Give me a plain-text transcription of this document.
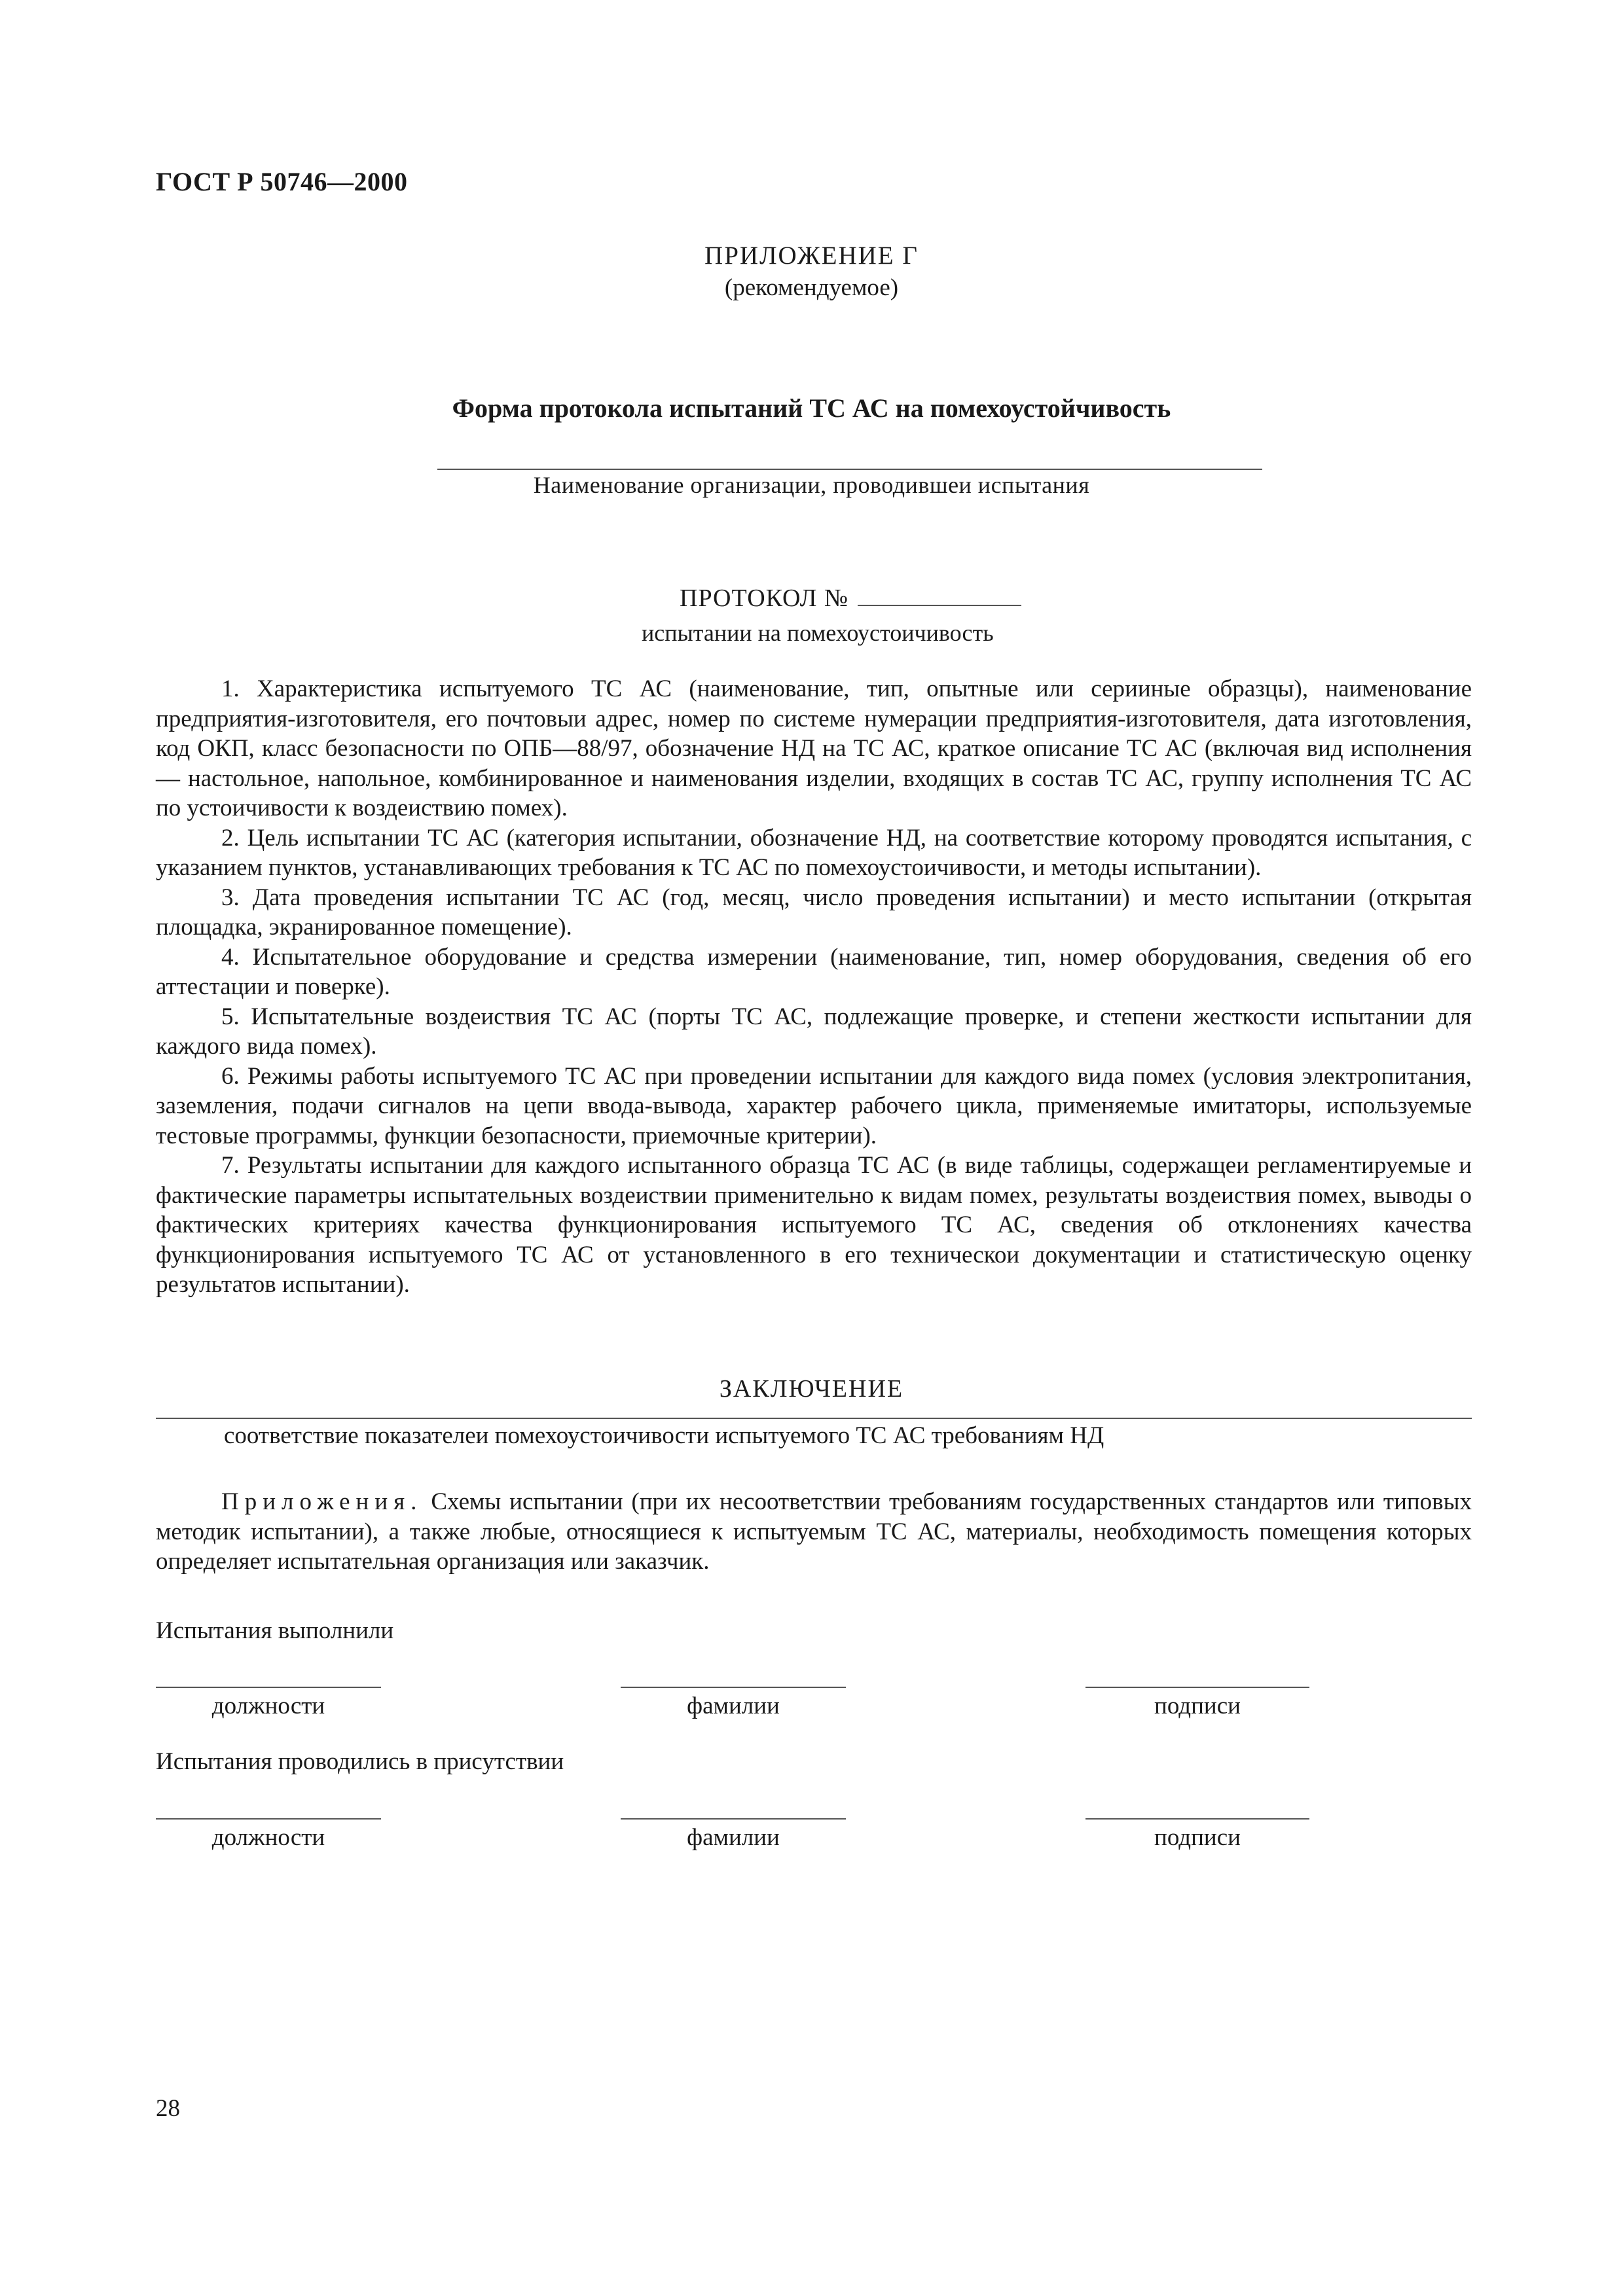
ГОСТ Р 50746—2000
ПРИЛОЖЕНИЕ Г
(рекомендуемое)
Форма протокола испытаний ТС АС на помехоустойчивость
Наименование организации, проводившеи испытания
ПРОТОКОЛ №
испытании на помехоустоичивость

1. Характеристика испытуемого ТС АС (наименование, тип, опытные или серииные образцы), наименование предприятия-изготовителя, его почтовыи адрес, номер по системе нумерации предприятия-изготовителя, дата изготовления, код ОКП, класс безопасности по ОПБ—88/97, обозначение НД на ТС АС, краткое описание ТС АС (включая вид исполнения — настольное, напольное, комбинированное и наименования изделии, входящих в состав ТС АС, группу исполнения ТС АС по устоичивости к воздеиствию помех).

2. Цель испытании ТС АС (категория испытании, обозначение НД, на соответствие которому проводятся испытания, с указанием пунктов, устанавливающих требования к ТС АС по помехоустоичивости, и методы испытании).

3. Дата проведения испытании ТС АС (год, месяц, число проведения испытании) и место испытании (открытая площадка, экранированное помещение).

4. Испытательное оборудование и средства измерении (наименование, тип, номер оборудования, сведения об его аттестации и поверке).

5. Испытательные воздеиствия ТС АС (порты ТС АС, подлежащие проверке, и степени жесткости испытании для каждого вида помех).

6. Режимы работы испытуемого ТС АС при проведении испытании для каждого вида помех (условия электропитания, заземления, подачи сигналов на цепи ввода-вывода, характер рабочего цикла, применяемые имитаторы, используемые тестовые программы, функции безопасности, приемочные критерии).

7. Результаты испытании для каждого испытанного образца ТС АС (в виде таблицы, содержащеи регламентируемые и фактические параметры испытательных воздеиствии применительно к видам помех, результаты воздеиствия помех, выводы о фактических критериях качества функционирования испытуемого ТС АС, сведения об отклонениях качества функционирования испытуемого ТС АС от установленного в его техническои документации и статистическую оценку результатов испытании).

ЗАКЛЮЧЕНИЕ
соответствие показателеи помехоустоичивости испытуемого ТС АС требованиям НД

Приложения. Схемы испытании (при их несоответствии требованиям государственных стандартов или типовых методик испытании), а также любые, относящиеся к испытуемым ТС АС, материалы, необходимость помещения которых определяет испытательная организация или заказчик.

Испытания выполнили
должности	фамилии	подписи
Испытания проводились в присутствии
должности	фамилии	подписи
28
